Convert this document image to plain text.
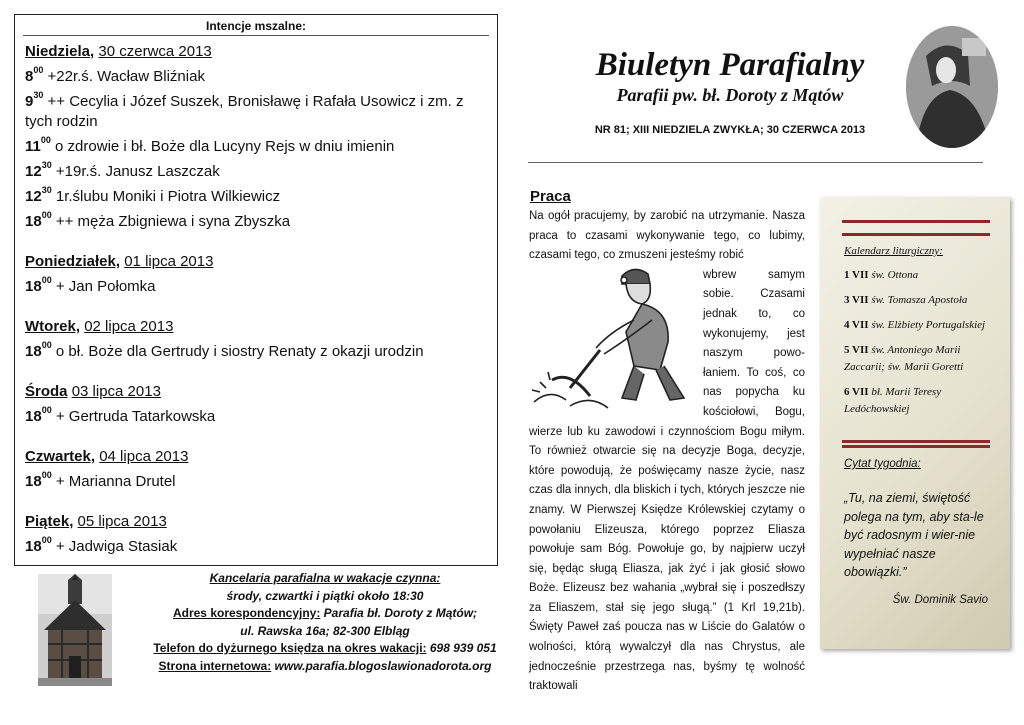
Intencje mszalne:
Niedziela, 30 czerwca 2013
$8^{00}$ +22r.ś. Wacław Bliźniak
$9^{30}$ ++ Cecylia i Józef Suszek, Bronisławę i Rafała Usowicz i zm. z tych rodzin
$11^{00}$ o zdrowie i bł. Boże dla Lucyny Rejs w dniu imienin
$12^{30}$ +19r.ś. Janusz Laszczak
$12^{30}$ 1r.ślubu Moniki i Piotra Wilkiewicz
$18^{00}$ ++ męża Zbigniewa i syna Zbyszka
Poniedziałek, 01 lipca 2013
$18^{00}$ + Jan Połomka
Wtorek, 02 lipca 2013
$18^{00}$ o bł. Boże dla Gertrudy i siostry Renaty z okazji urodzin
Środa 03 lipca 2013
$18^{00}$ + Gertruda Tatarkowska
Czwartek, 04 lipca 2013
$18^{00}$ + Marianna Drutel
Piątek, 05 lipca 2013
$18^{00}$ + Jadwiga Stasiak
Kancelaria parafialna w wakacje czynna:
środy, czwartki i piątki około 18:30
Adres korespondencyjny: Parafia bł. Doroty z Mątów;
ul. Rawska 16a; 82-300 Elbląg
Telefon do dyżurnego księdza na okres wakacji: 698 939 051
Strona internetowa: www.parafia.blogoslawionadorota.org
Biuletyn Parafialny
Parafii pw. bł. Doroty z Mątów
NR 81; XIII NIEDZIELA ZWYKŁA; 30 CZERWCA 2013
Praca
Na ogół pracujemy, by zarobić na utrzymanie. Nasza praca to czasami wykonywanie tego, co lubimy, czasami tego, co zmuszeni jesteśmy robić
wbrew samym
sobie. Czasami
jednak to, co
wykonujemy, jest
naszym powo-
łaniem. To coś, co
nas popycha ku
kościołowi, Bogu,
wierze lub ku zawodowi i czynnościom Bogu miłym. To również otwarcie się na decyzje Boga, decyzje, które powodują, że poświęcamy nasze życie, nasz czas dla innych, dla bliskich i tych, których jeszcze nie znamy. W Pierwszej Księdze Królewskiej czytamy o powołaniu Elizeusza, którego poprzez Eliasza powołuje sam Bóg. Powołuje go, by najpierw uczył się, będąc sługą Eliasza, jak żyć i jak głosić słowo Boże. Elizeusz bez wahania „wybrał się i poszedłszy za Eliaszem, stał się jego sługą.” (1 Krl 19,21b). Święty Paweł zaś poucza nas w Liście do Galatów o wolności, którą wywalczył dla nas Chrystus, ale jednocześnie przestrzega nas, byśmy tę wolność traktowali
Kalendarz liturgiczny:
1 VII św. Ottona
3 VII św. Tomasza Apostoła
4 VII św. Elżbiety Portugalskiej
5 VII św. Antoniego Marii Zaccarii; św. Marii Goretti
6 VII bł. Marii Teresy Ledóchowskiej
Cytat tygodnia:
„Tu, na ziemi, świętość polega na tym, aby sta-le być radosnym i wier-nie wypełniać nasze obowiązki.”
Św. Dominik Savio
